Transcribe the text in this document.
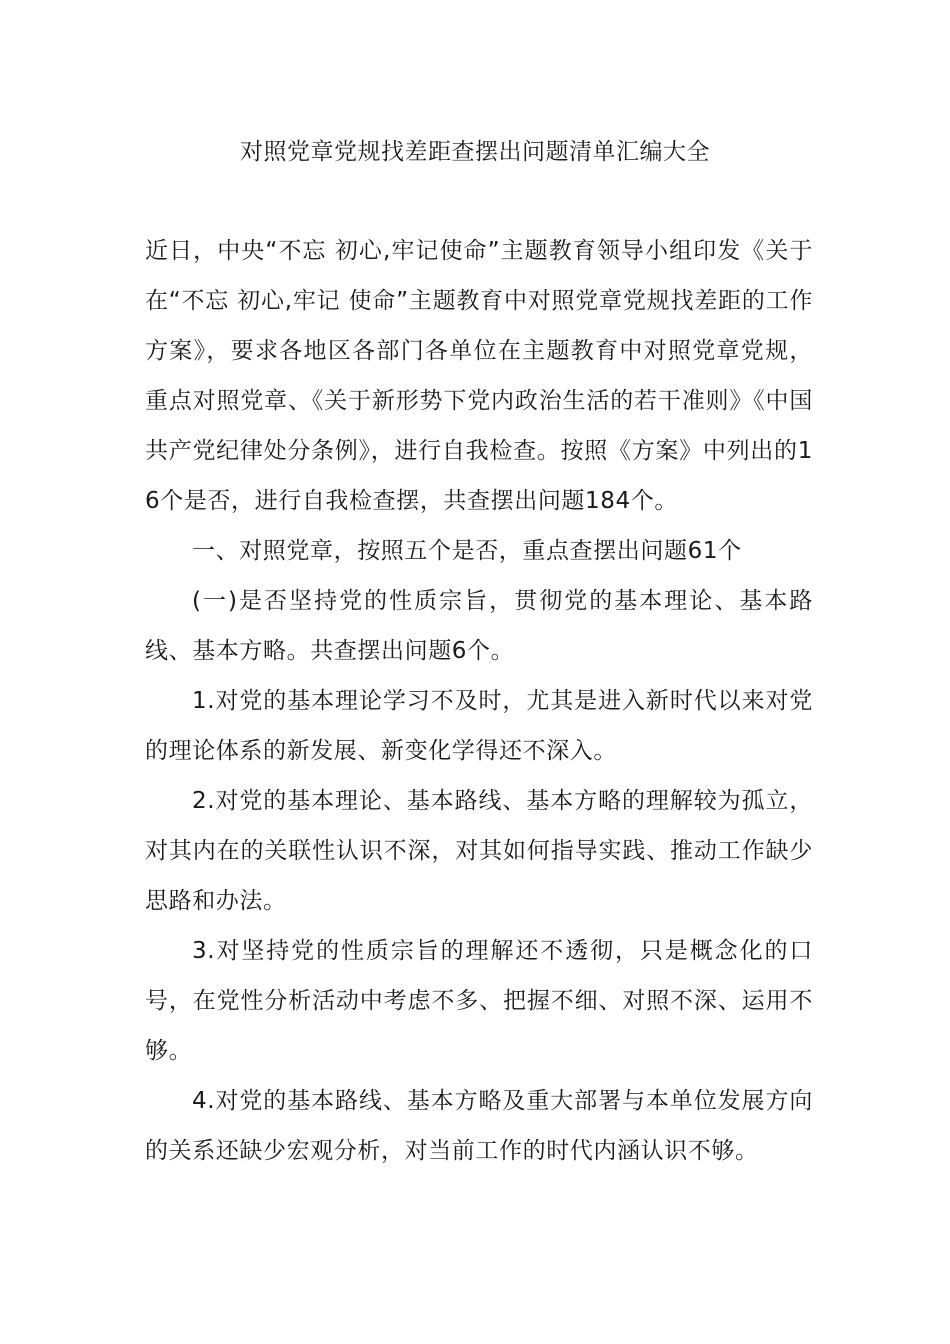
对照党章党规找差距查摆出问题清单汇编大全

近日，中央“不忘 初心,牢记使命”主题教育领导小组印发《关于在“不忘 初心,牢记 使命”主题教育中对照党章党规找差距的工作方案》，要求各地区各部门各单位在主题教育中对照党章党规，重点对照党章、《关于新形势下党内政治生活的若干准则》《中国共产党纪律处分条例》，进行自我检查。按照《方案》中列出的16个是否，进行自我检查摆，共查摆出问题184个。

一、对照党章，按照五个是否，重点查摆出问题61个

(一)是否坚持党的性质宗旨，贯彻党的基本理论、基本路线、基本方略。共查摆出问题6个。

1.对党的基本理论学习不及时，尤其是进入新时代以来对党的理论体系的新发展、新变化学得还不深入。

2.对党的基本理论、基本路线、基本方略的理解较为孤立，对其内在的关联性认识不深，对其如何指导实践、推动工作缺少思路和办法。

3.对坚持党的性质宗旨的理解还不透彻，只是概念化的口号，在党性分析活动中考虑不多、把握不细、对照不深、运用不够。

4.对党的基本路线、基本方略及重大部署与本单位发展方向的关系还缺少宏观分析，对当前工作的时代内涵认识不够。
